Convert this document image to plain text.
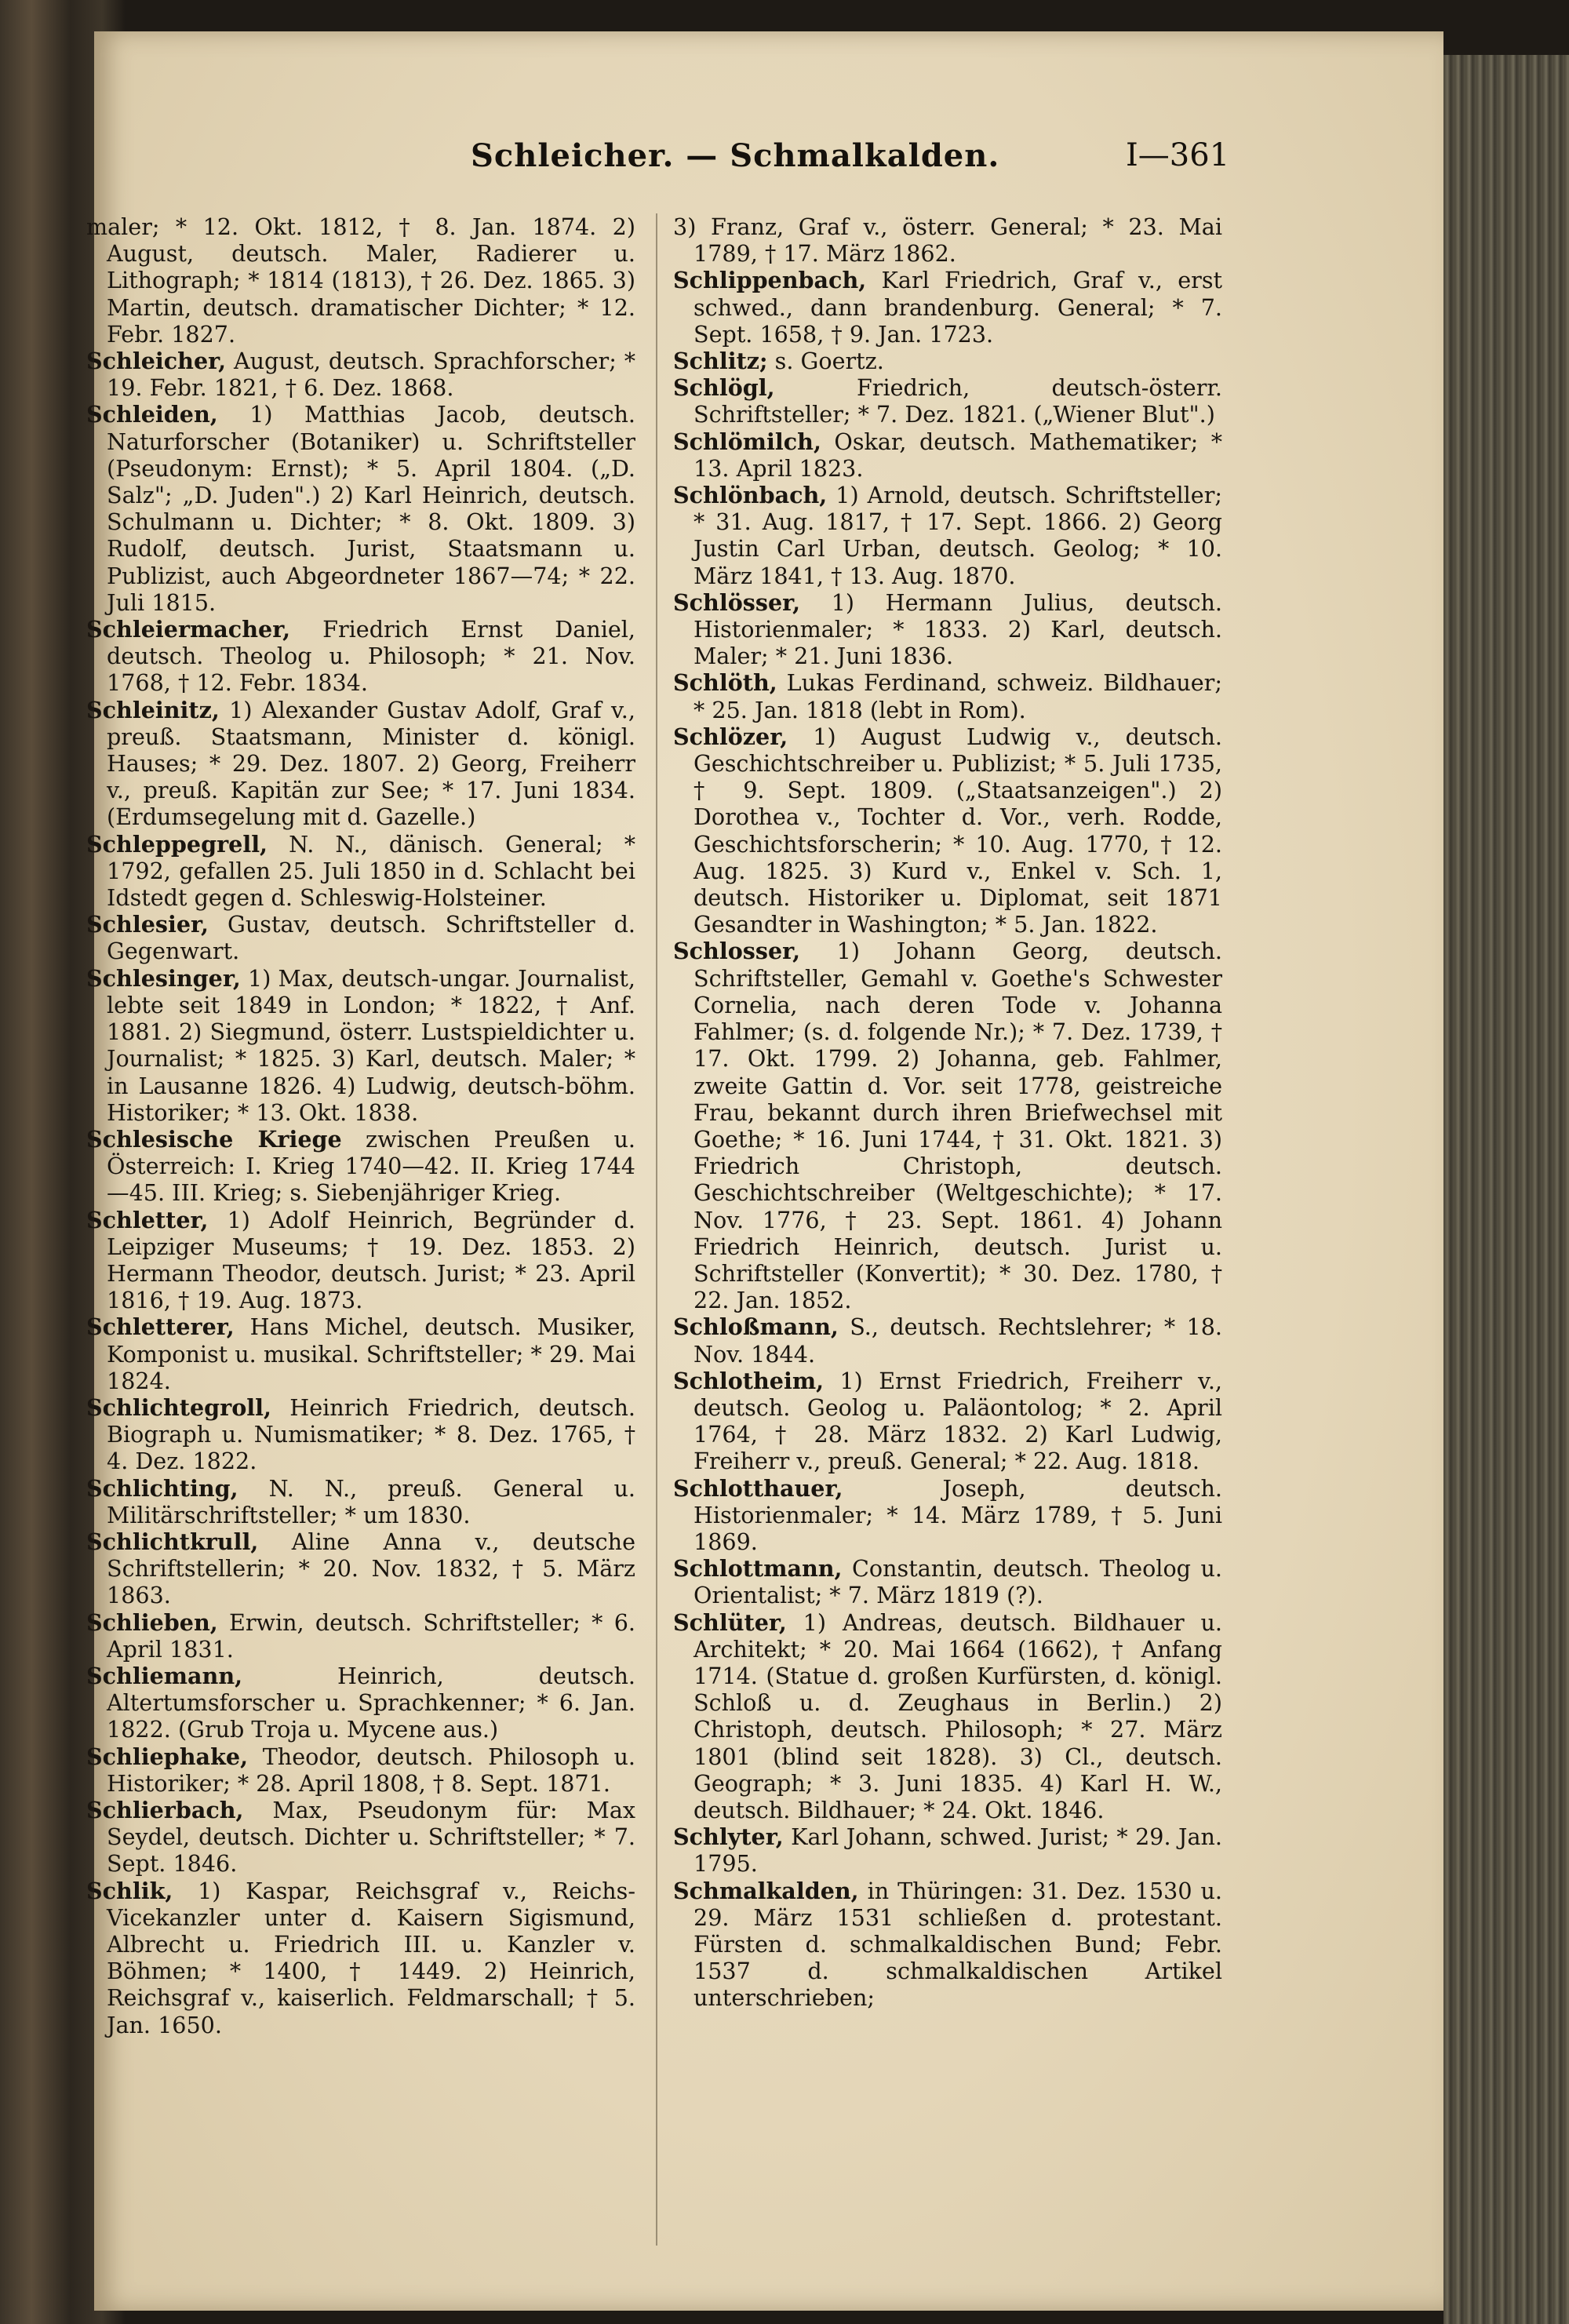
Schleicher. — Schmalkalden.	I—361

maler; * 12. Okt. 1812, † 8. Jan. 1874. 2) August, deutsch. Maler, Radierer u. Lithograph; * 1814 (1813), † 26. Dez. 1865. 3) Martin, deutsch. dramatischer Dichter; * 12. Febr. 1827.

Schleicher, August, deutsch. Sprachforscher; * 19. Febr. 1821, † 6. Dez. 1868.

Schleiden, 1) Matthias Jacob, deutsch. Naturforscher (Botaniker) u. Schriftsteller (Pseudonym: Ernst); * 5. April 1804. („D. Salz"; „D. Juden".) 2) Karl Heinrich, deutsch. Schulmann u. Dichter; * 8. Okt. 1809. 3) Rudolf, deutsch. Jurist, Staatsmann u. Publizist, auch Abgeordneter 1867—74; * 22. Juli 1815.

Schleiermacher, Friedrich Ernst Daniel, deutsch. Theolog u. Philosoph; * 21. Nov. 1768, † 12. Febr. 1834.

Schleinitz, 1) Alexander Gustav Adolf, Graf v., preuß. Staatsmann, Minister d. königl. Hauses; * 29. Dez. 1807. 2) Georg, Freiherr v., preuß. Kapitän zur See; * 17. Juni 1834. (Erdumsegelung mit d. Gazelle.)

Schleppegrell, N. N., dänisch. General; * 1792, gefallen 25. Juli 1850 in d. Schlacht bei Idstedt gegen d. Schleswig-Holsteiner.

Schlesier, Gustav, deutsch. Schriftsteller d. Gegenwart.

Schlesinger, 1) Max, deutsch-ungar. Journalist, lebte seit 1849 in London; * 1822, † Anf. 1881. 2) Siegmund, österr. Lustspieldichter u. Journalist; * 1825. 3) Karl, deutsch. Maler; * in Lausanne 1826. 4) Ludwig, deutsch-böhm. Historiker; * 13. Okt. 1838.

Schlesische Kriege zwischen Preußen u. Österreich: I. Krieg 1740—42. II. Krieg 1744—45. III. Krieg; s. Siebenjähriger Krieg.

Schletter, 1) Adolf Heinrich, Begründer d. Leipziger Museums; † 19. Dez. 1853. 2) Hermann Theodor, deutsch. Jurist; * 23. April 1816, † 19. Aug. 1873.

Schletterer, Hans Michel, deutsch. Musiker, Komponist u. musikal. Schriftsteller; * 29. Mai 1824.

Schlichtegroll, Heinrich Friedrich, deutsch. Biograph u. Numismatiker; * 8. Dez. 1765, † 4. Dez. 1822.

Schlichting, N. N., preuß. General u. Militärschriftsteller; * um 1830.

Schlichtkrull, Aline Anna v., deutsche Schriftstellerin; * 20. Nov. 1832, † 5. März 1863.

Schlieben, Erwin, deutsch. Schriftsteller; * 6. April 1831.

Schliemann,	Heinrich, deutsch. Altertumsforscher u. Sprachkenner; * 6. Jan. 1822. (Grub Troja u. Mycene aus.)

Schliephake, Theodor, deutsch. Philosoph u. Historiker; * 28. April 1808, † 8. Sept. 1871.

Schlierbach, Max, Pseudonym für: Max Seydel, deutsch. Dichter u. Schriftsteller; * 7. Sept. 1846.

Schlik, 1) Kaspar, Reichsgraf v., Reichs-Vicekanzler unter d. Kaisern Sigismund, Albrecht u. Friedrich III. u. Kanzler v. Böhmen; * 1400, † 1449. 2) Heinrich, Reichsgraf v., kaiserlich. Feldmarschall; † 5. Jan. 1650.

3) Franz, Graf v., österr. General; * 23. Mai 1789, † 17. März 1862.

Schlippenbach, Karl Friedrich, Graf v., erst schwed., dann brandenburg. General; * 7. Sept. 1658, † 9. Jan. 1723.

Schlitz; s. Goertz.

Schlögl,	Friedrich, deutsch-österr. Schriftsteller; * 7. Dez. 1821. („Wiener Blut".)

Schlömilch, Oskar, deutsch. Mathematiker; * 13. April 1823.

Schlönbach, 1) Arnold, deutsch. Schriftsteller; * 31. Aug. 1817, † 17. Sept. 1866. 2) Georg Justin Carl Urban, deutsch. Geolog; * 10. März 1841, † 13. Aug. 1870.

Schlösser, 1) Hermann Julius, deutsch. Historienmaler; * 1833. 2) Karl, deutsch. Maler; * 21. Juni 1836.

Schlöth, Lukas Ferdinand, schweiz. Bildhauer; * 25. Jan. 1818 (lebt in Rom).

Schlözer, 1) August Ludwig v., deutsch. Geschichtschreiber u. Publizist; * 5. Juli 1735, † 9. Sept. 1809. („Staatsanzeigen".) 2) Dorothea v., Tochter d. Vor., verh. Rodde, Geschichtsforscherin; * 10. Aug. 1770, † 12. Aug. 1825. 3) Kurd v., Enkel v. Sch. 1, deutsch. Historiker u. Diplomat, seit 1871 Gesandter in Washington; * 5. Jan. 1822.

Schlosser, 1) Johann Georg, deutsch. Schriftsteller, Gemahl v. Goethe's Schwester Cornelia, nach deren Tode v. Johanna Fahlmer; (s. d. folgende Nr.); * 7. Dez. 1739, † 17. Okt. 1799. 2) Johanna, geb. Fahlmer, zweite Gattin d. Vor. seit 1778, geistreiche Frau, bekannt durch ihren Briefwechsel mit Goethe; * 16. Juni 1744, † 31. Okt. 1821. 3) Friedrich Christoph, deutsch. Geschichtschreiber (Weltgeschichte); * 17. Nov. 1776, † 23. Sept. 1861. 4) Johann Friedrich Heinrich, deutsch. Jurist u. Schriftsteller (Konvertit); * 30. Dez. 1780, † 22. Jan. 1852.

Schloßmann, S., deutsch. Rechtslehrer; * 18. Nov. 1844.

Schlotheim, 1) Ernst Friedrich, Freiherr v., deutsch. Geolog u. Paläontolog; * 2. April 1764, † 28. März 1832. 2) Karl Ludwig, Freiherr v., preuß. General; * 22. Aug. 1818.

Schlotthauer,	Joseph, deutsch. Historienmaler; * 14. März 1789, † 5. Juni 1869.

Schlottmann, Constantin, deutsch. Theolog u. Orientalist; * 7. März 1819 (?).

Schlüter, 1) Andreas, deutsch. Bildhauer u. Architekt; * 20. Mai 1664 (1662), † Anfang 1714. (Statue d. großen Kurfürsten, d. königl. Schloß u. d. Zeughaus in Berlin.) 2) Christoph, deutsch. Philosoph; * 27. März 1801 (blind seit 1828). 3) Cl., deutsch. Geograph; * 3. Juni 1835. 4) Karl H. W., deutsch. Bildhauer; * 24. Okt. 1846.

Schlyter, Karl Johann, schwed. Jurist; * 29. Jan. 1795.

Schmalkalden, in Thüringen: 31. Dez. 1530 u. 29. März 1531 schließen d. protestant. Fürsten d. schmalkaldischen Bund; Febr. 1537 d. schmalkaldischen Artikel unterschrieben;
